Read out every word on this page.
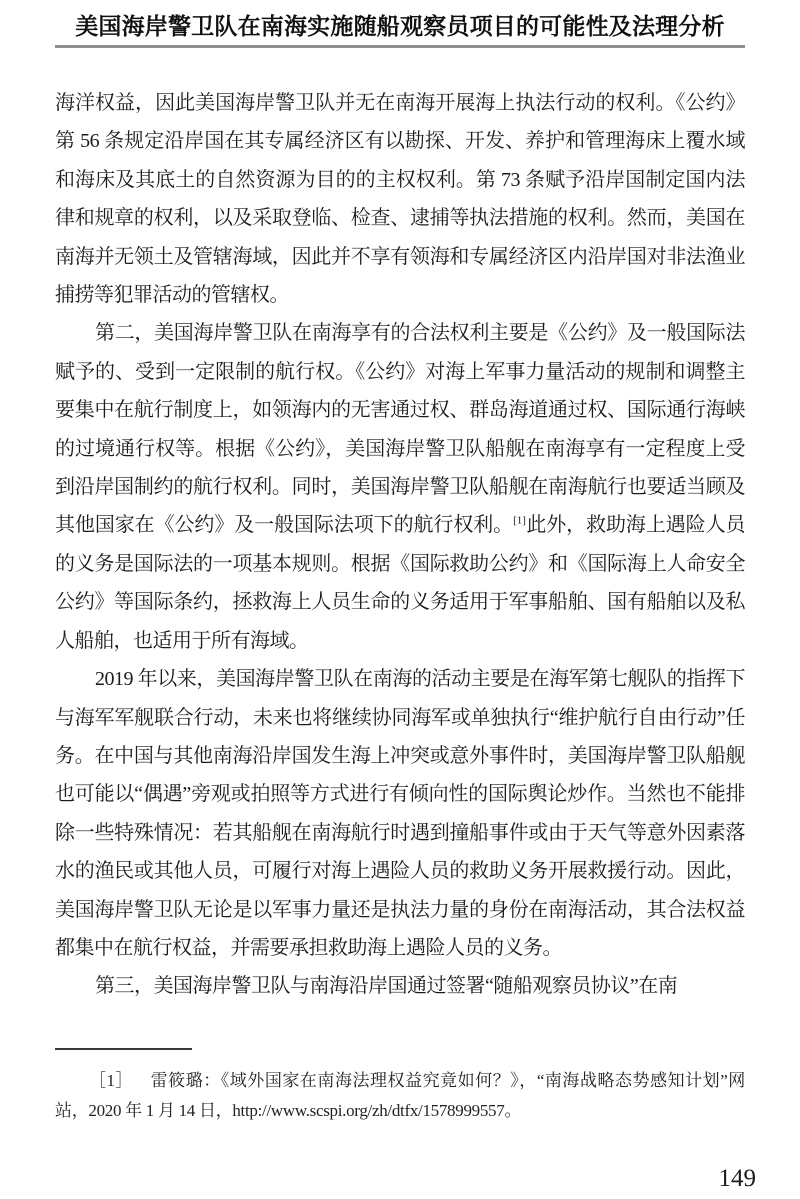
美国海岸警卫队在南海实施随船观察员项目的可能性及法理分析

海洋权益，因此美国海岸警卫队并无在南海开展海上执法行动的权利。《公约》第 56 条规定沿岸国在其专属经济区有以勘探、开发、养护和管理海床上覆水域和海床及其底土的自然资源为目的的主权权利。第 73 条赋予沿岸国制定国内法律和规章的权利，以及采取登临、检查、逮捕等执法措施的权利。然而，美国在南海并无领土及管辖海域，因此并不享有领海和专属经济区内沿岸国对非法渔业捕捞等犯罪活动的管辖权。

第二，美国海岸警卫队在南海享有的合法权利主要是《公约》及一般国际法赋予的、受到一定限制的航行权。《公约》对海上军事力量活动的规制和调整主要集中在航行制度上，如领海内的无害通过权、群岛海道通过权、国际通行海峡的过境通行权等。根据《公约》，美国海岸警卫队船舰在南海享有一定程度上受到沿岸国制约的航行权利。同时，美国海岸警卫队船舰在南海航行也要适当顾及其他国家在《公约》及一般国际法项下的航行权利。[1]此外，救助海上遇险人员的义务是国际法的一项基本规则。根据《国际救助公约》和《国际海上人命安全公约》等国际条约，拯救海上人员生命的义务适用于军事船舶、国有船舶以及私人船舶，也适用于所有海域。

2019 年以来，美国海岸警卫队在南海的活动主要是在海军第七舰队的指挥下与海军军舰联合行动，未来也将继续协同海军或单独执行“维护航行自由行动”任务。在中国与其他南海沿岸国发生海上冲突或意外事件时，美国海岸警卫队船舰也可能以“偶遇”旁观或拍照等方式进行有倾向性的国际舆论炒作。当然也不能排除一些特殊情况：若其船舰在南海航行时遇到撞船事件或由于天气等意外因素落水的渔民或其他人员，可履行对海上遇险人员的救助义务开展救援行动。因此，美国海岸警卫队无论是以军事力量还是执法力量的身份在南海活动，其合法权益都集中在航行权益，并需要承担救助海上遇险人员的义务。

第三，美国海岸警卫队与南海沿岸国通过签署“随船观察员协议”在南

［1］  雷筱璐：《域外国家在南海法理权益究竟如何？》，“南海战略态势感知计划”网站，2020 年 1 月 14 日，http://www.scspi.org/zh/dtfx/1578999557。

149
